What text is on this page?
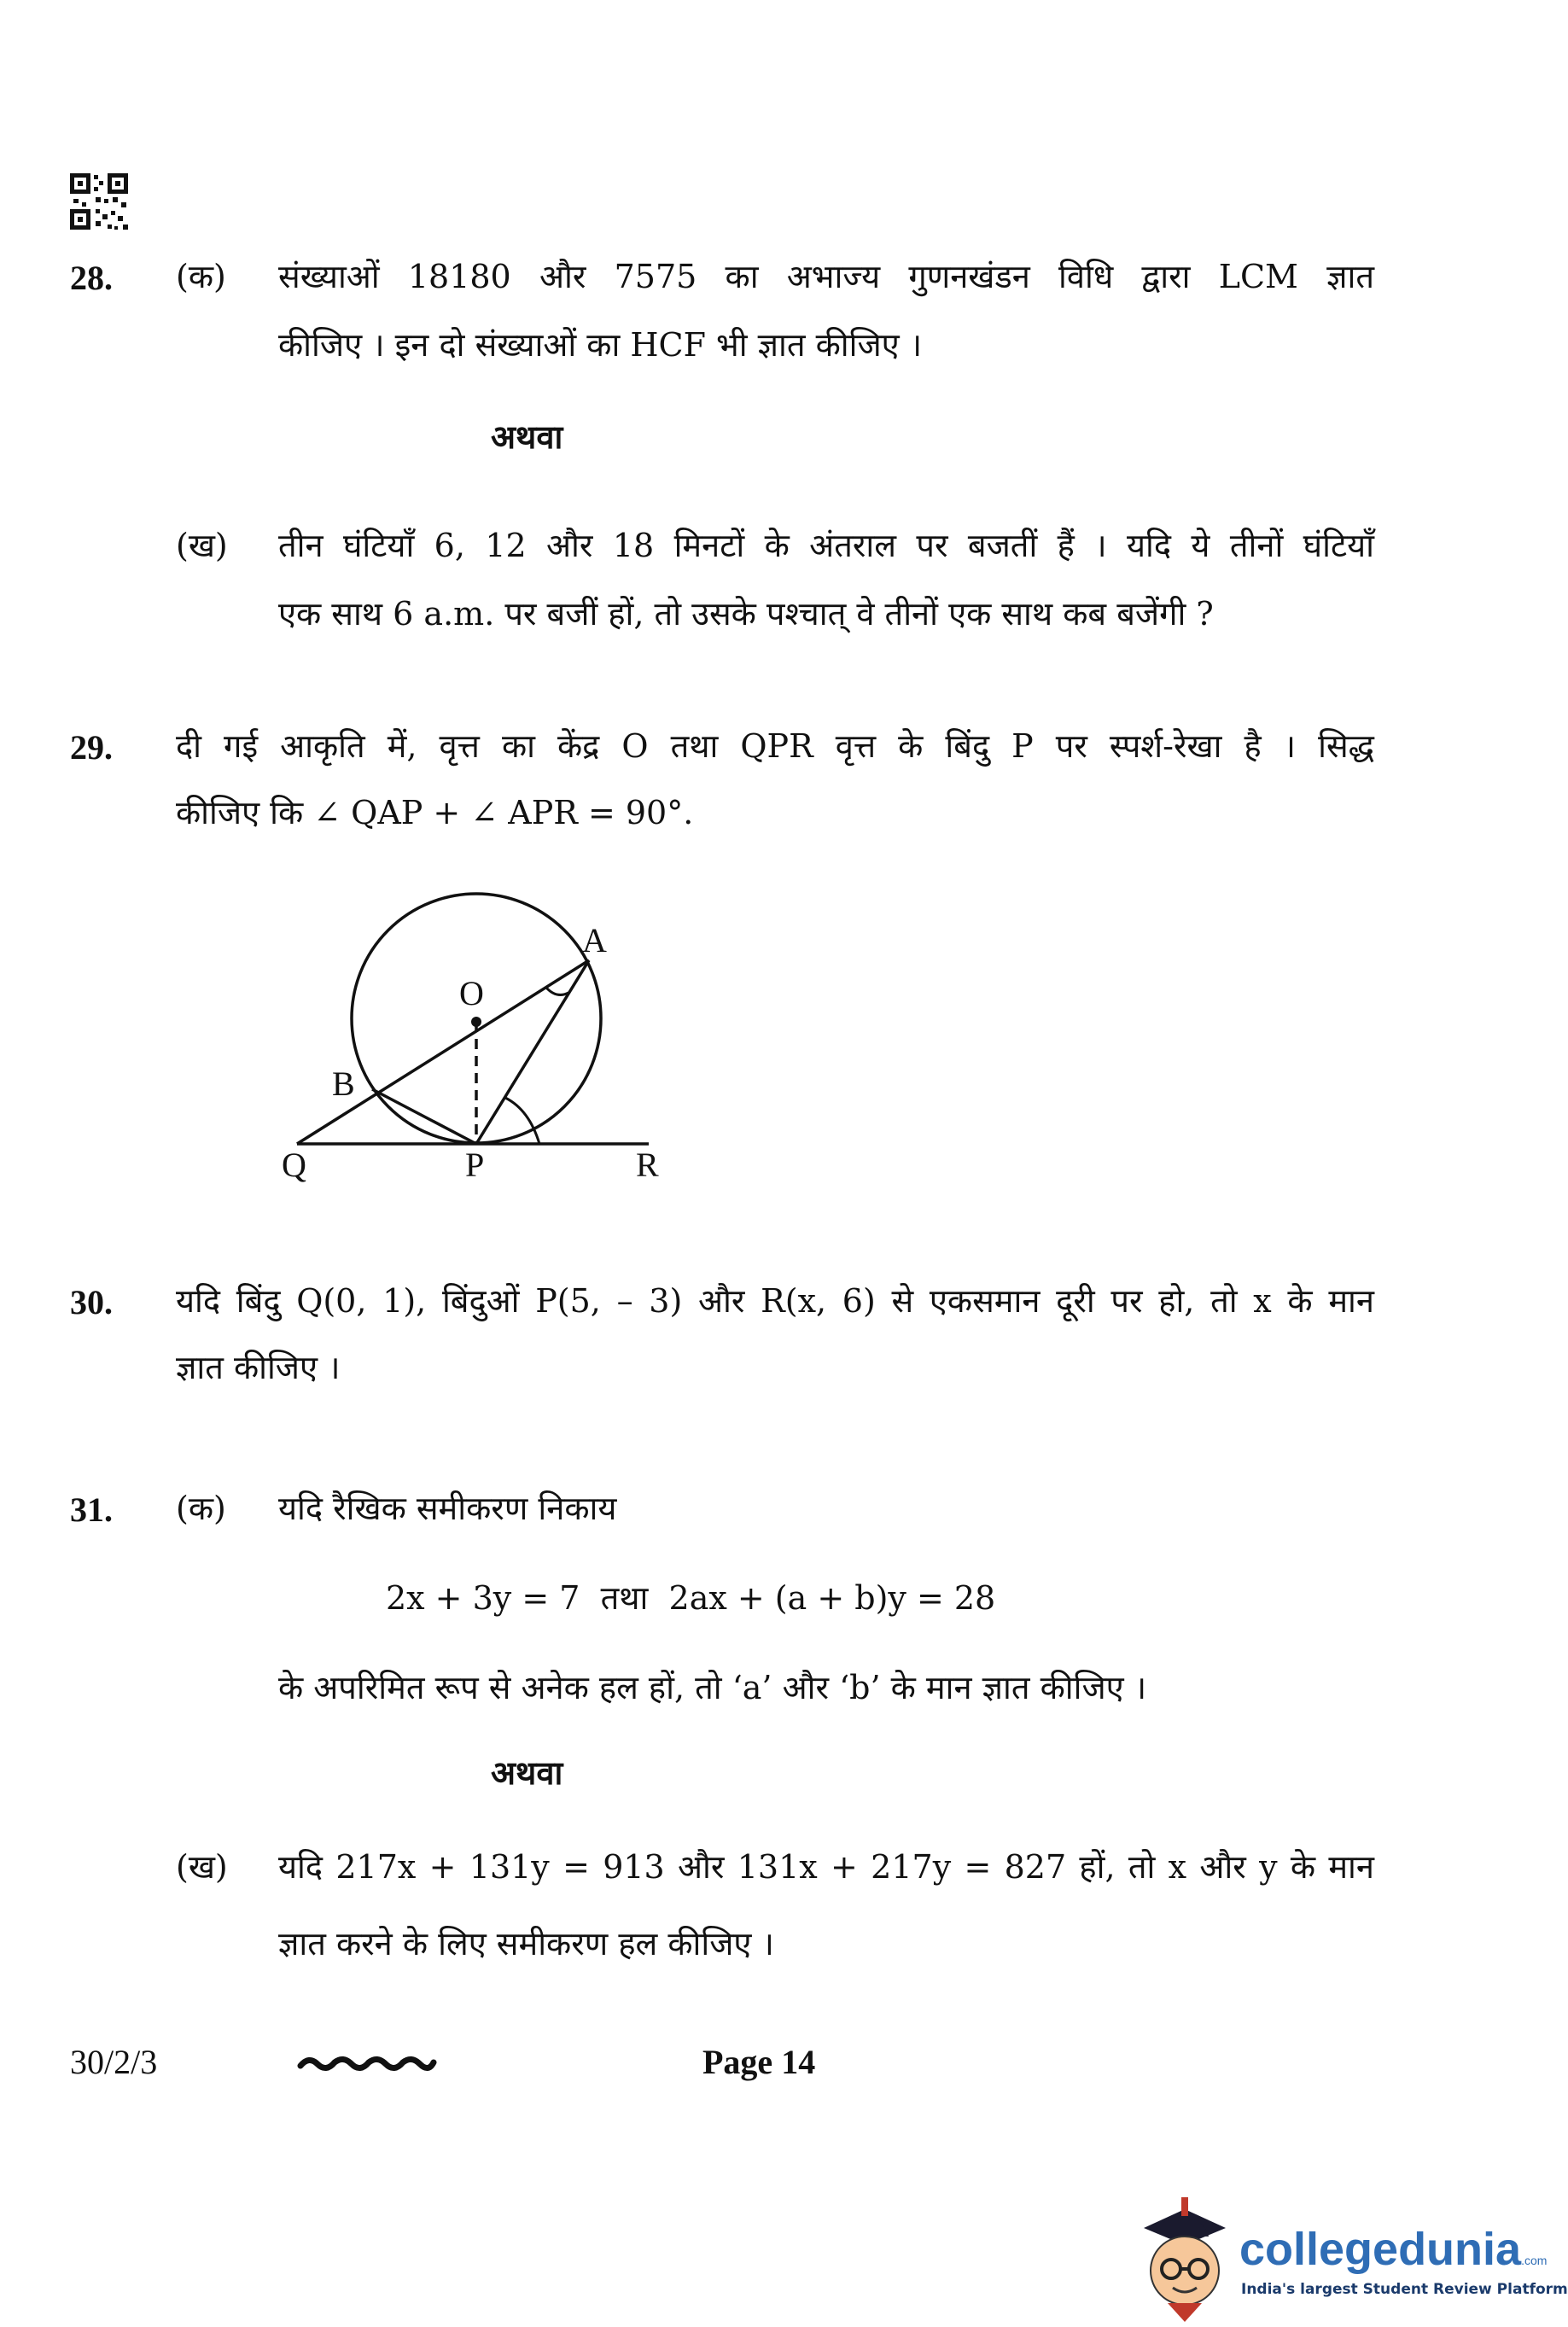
28. (क) संख्याओं 18180 और 7575 का अभाज्य गुणनखंडन विधि द्वारा LCM ज्ञात
कीजिए । इन दो संख्याओं का HCF भी ज्ञात कीजिए ।
अथवा
(ख) तीन घंटियाँ 6, 12 और 18 मिनटों के अंतराल पर बजतीं हैं । यदि ये तीनों घंटियाँ
एक साथ 6 a.m. पर बजीं हों, तो उसके पश्चात् वे तीनों एक साथ कब बजेंगी ?
29. दी गई आकृति में, वृत्त का केंद्र O तथा QPR वृत्त के बिंदु P पर स्पर्श-रेखा है । सिद्ध
कीजिए कि ∠ QAP + ∠ APR = 90°.
A
O
B
Q	P	R
30. यदि बिंदु Q(0, 1), बिंदुओं P(5, – 3) और R(x, 6) से एकसमान दूरी पर हो, तो x के मान
ज्ञात कीजिए ।
31. (क) यदि रैखिक समीकरण निकाय
2x + 3y = 7  तथा  2ax + (a + b)y = 28
के अपरिमित रूप से अनेक हल हों, तो ‘a’ और ‘b’ के मान ज्ञात कीजिए ।
अथवा
(ख) यदि 217x + 131y = 913 और 131x + 217y = 827 हों, तो x और y के मान
ज्ञात करने के लिए समीकरण हल कीजिए ।
30/2/3	Page 14
collegedunia.com
India's largest Student Review Platform
